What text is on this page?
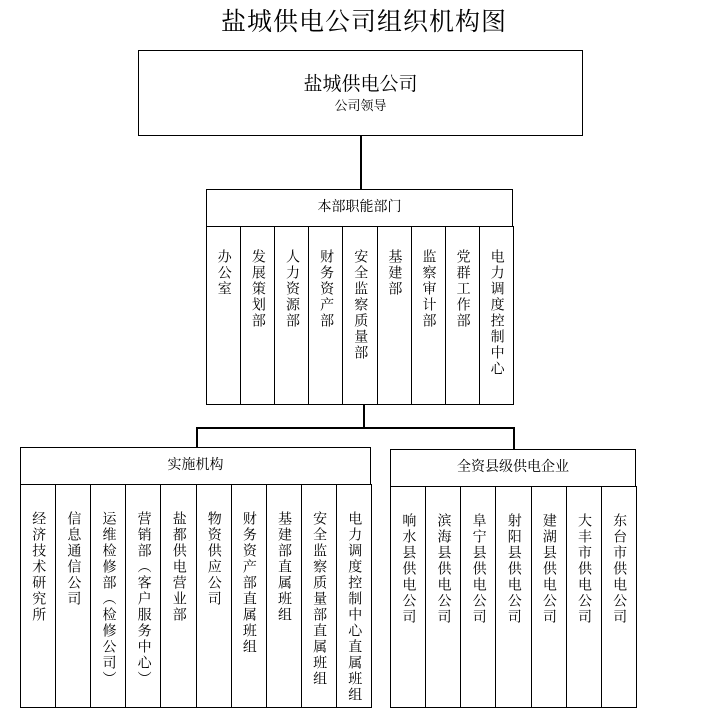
盐城供电公司组织机构图
盐城供电公司
公司领导
本部职能部门
办公室 发展策划部 人力资源部 财务资产部 安全监察质量部 基建部 监察审计部 党群工作部 电力调度控制中心
实施机构
经济技术研究所 信息通信公司 运维检修部（检修公司） 营销部（客户服务中心） 盐都供电营业部 物资供应公司 财务资产部直属班组 基建部直属班组 安全监察质量部直属班组 电力调度控制中心直属班组
全资县级供电企业
响水县供电公司 滨海县供电公司 阜宁县供电公司 射阳县供电公司 建湖县供电公司 大丰市供电公司 东台市供电公司
